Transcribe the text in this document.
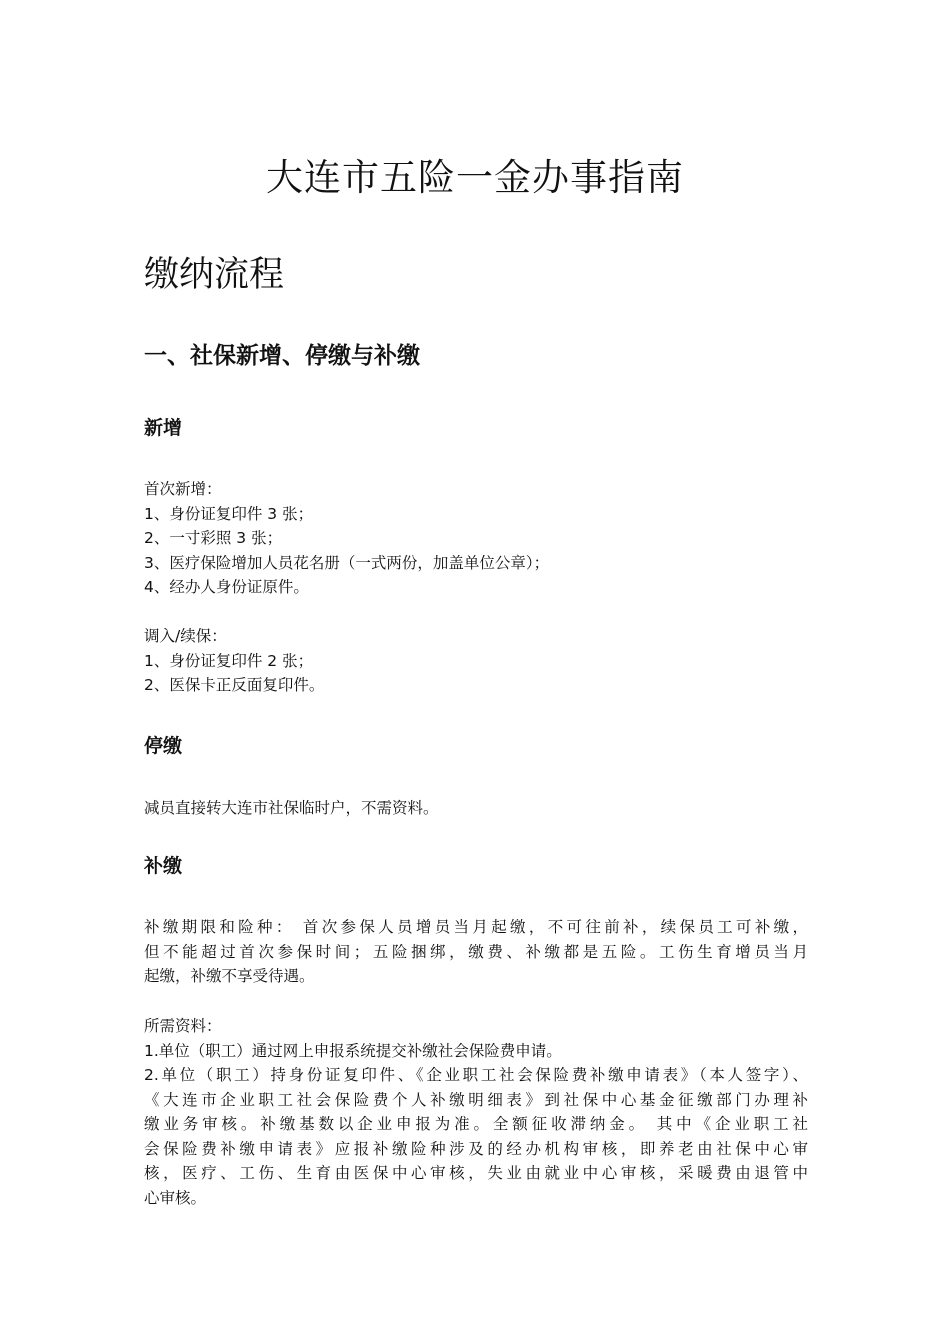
大连市五险一金办事指南
缴纳流程
一、社保新增、停缴与补缴
新增

首次新增：

1、身份证复印件 3 张；

2、一寸彩照 3 张；

3、医疗保险增加人员花名册（一式两份，加盖单位公章）；

4、经办人身份证原件。

调入/续保：

1、身份证复印件 2 张；

2、医保卡正反面复印件。

停缴

减员直接转大连市社保临时户，不需资料。

补缴
补缴期限和险种： 首次参保人员增员当月起缴，不可往前补，续保员工可补缴，
但不能超过首次参保时间；五险捆绑，缴费、补缴都是五险。工伤生育增员当月
起缴，补缴不享受待遇。

所需资料：

1.单位（职工）通过网上申报系统提交补缴社会保险费申请。

2.单位（职工）持身份证复印件、《企业职工社会保险费补缴申请表》（本人签字）、
《大连市企业职工社会保险费个人补缴明细表》到社保中心基金征缴部门办理补
缴业务审核。补缴基数以企业申报为准。全额征收滞纳金。 其中《企业职工社
会保险费补缴申请表》应报补缴险种涉及的经办机构审核，即养老由社保中心审
核，医疗、工伤、生育由医保中心审核，失业由就业中心审核，采暖费由退管中
心审核。
